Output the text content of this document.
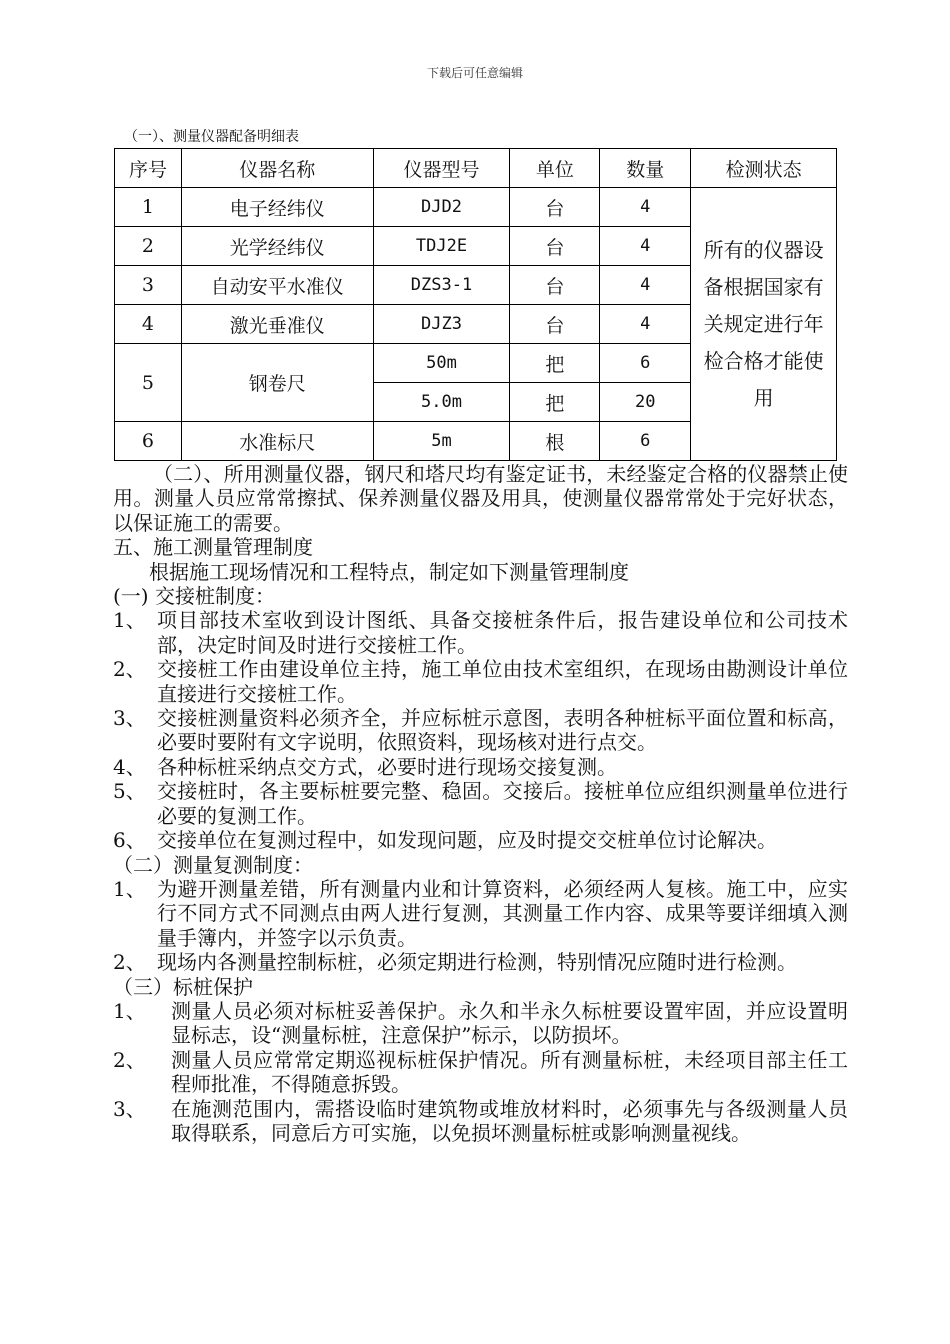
下载后可任意编辑
（一）、测量仪器配备明细表
序号	仪器名称	仪器型号	单位	数量	检测状态
1	电子经纬仪	DJD2	台	4	所有的仪器设备根据国家有关规定进行年检合格才能使用
2	光学经纬仪	TDJ2E	台	4	
3	自动安平水准仪	DZS3-1	台	4	
4	激光垂准仪	DJZ3	台	4	
5	钢卷尺	50m	把	6	
		5.0m	把	20	
6	水准标尺	5m	根	6	

（二）、所用测量仪器，钢尺和塔尺均有鉴定证书，未经鉴定合格的仪器禁止使用。测量人员应常常擦拭、保养测量仪器及用具，使测量仪器常常处于完好状态，以保证施工的需要。

五、施工测量管理制度

根据施工现场情况和工程特点，制定如下测量管理制度

(一) 交接桩制度：

1、 项目部技术室收到设计图纸、具备交接桩条件后，报告建设单位和公司技术部，决定时间及时进行交接桩工作。
2、 交接桩工作由建设单位主持，施工单位由技术室组织，在现场由勘测设计单位直接进行交接桩工作。
3、 交接桩测量资料必须齐全，并应标桩示意图，表明各种桩标平面位置和标高，必要时要附有文字说明，依照资料，现场核对进行点交。
4、 各种标桩采纳点交方式，必要时进行现场交接复测。
5、 交接桩时，各主要标桩要完整、稳固。交接后。接桩单位应组织测量单位进行必要的复测工作。
6、 交接单位在复测过程中，如发现问题，应及时提交交桩单位讨论解决。

（二）测量复测制度：

1、 为避开测量差错，所有测量内业和计算资料，必须经两人复核。施工中，应实行不同方式不同测点由两人进行复测，其测量工作内容、成果等要详细填入测量手簿内，并签字以示负责。
2、 现场内各测量控制标桩，必须定期进行检测，特别情况应随时进行检测。

（三）标桩保护

1、	测量人员必须对标桩妥善保护。永久和半永久标桩要设置牢固，并应设置明显标志，设“测量标桩，注意保护”标示，以防损坏。
2、	测量人员应常常定期巡视标桩保护情况。所有测量标桩，未经项目部主任工程师批准，不得随意拆毁。
3、	在施测范围内，需搭设临时建筑物或堆放材料时，必须事先与各级测量人员取得联系，同意后方可实施，以免损坏测量标桩或影响测量视线。
